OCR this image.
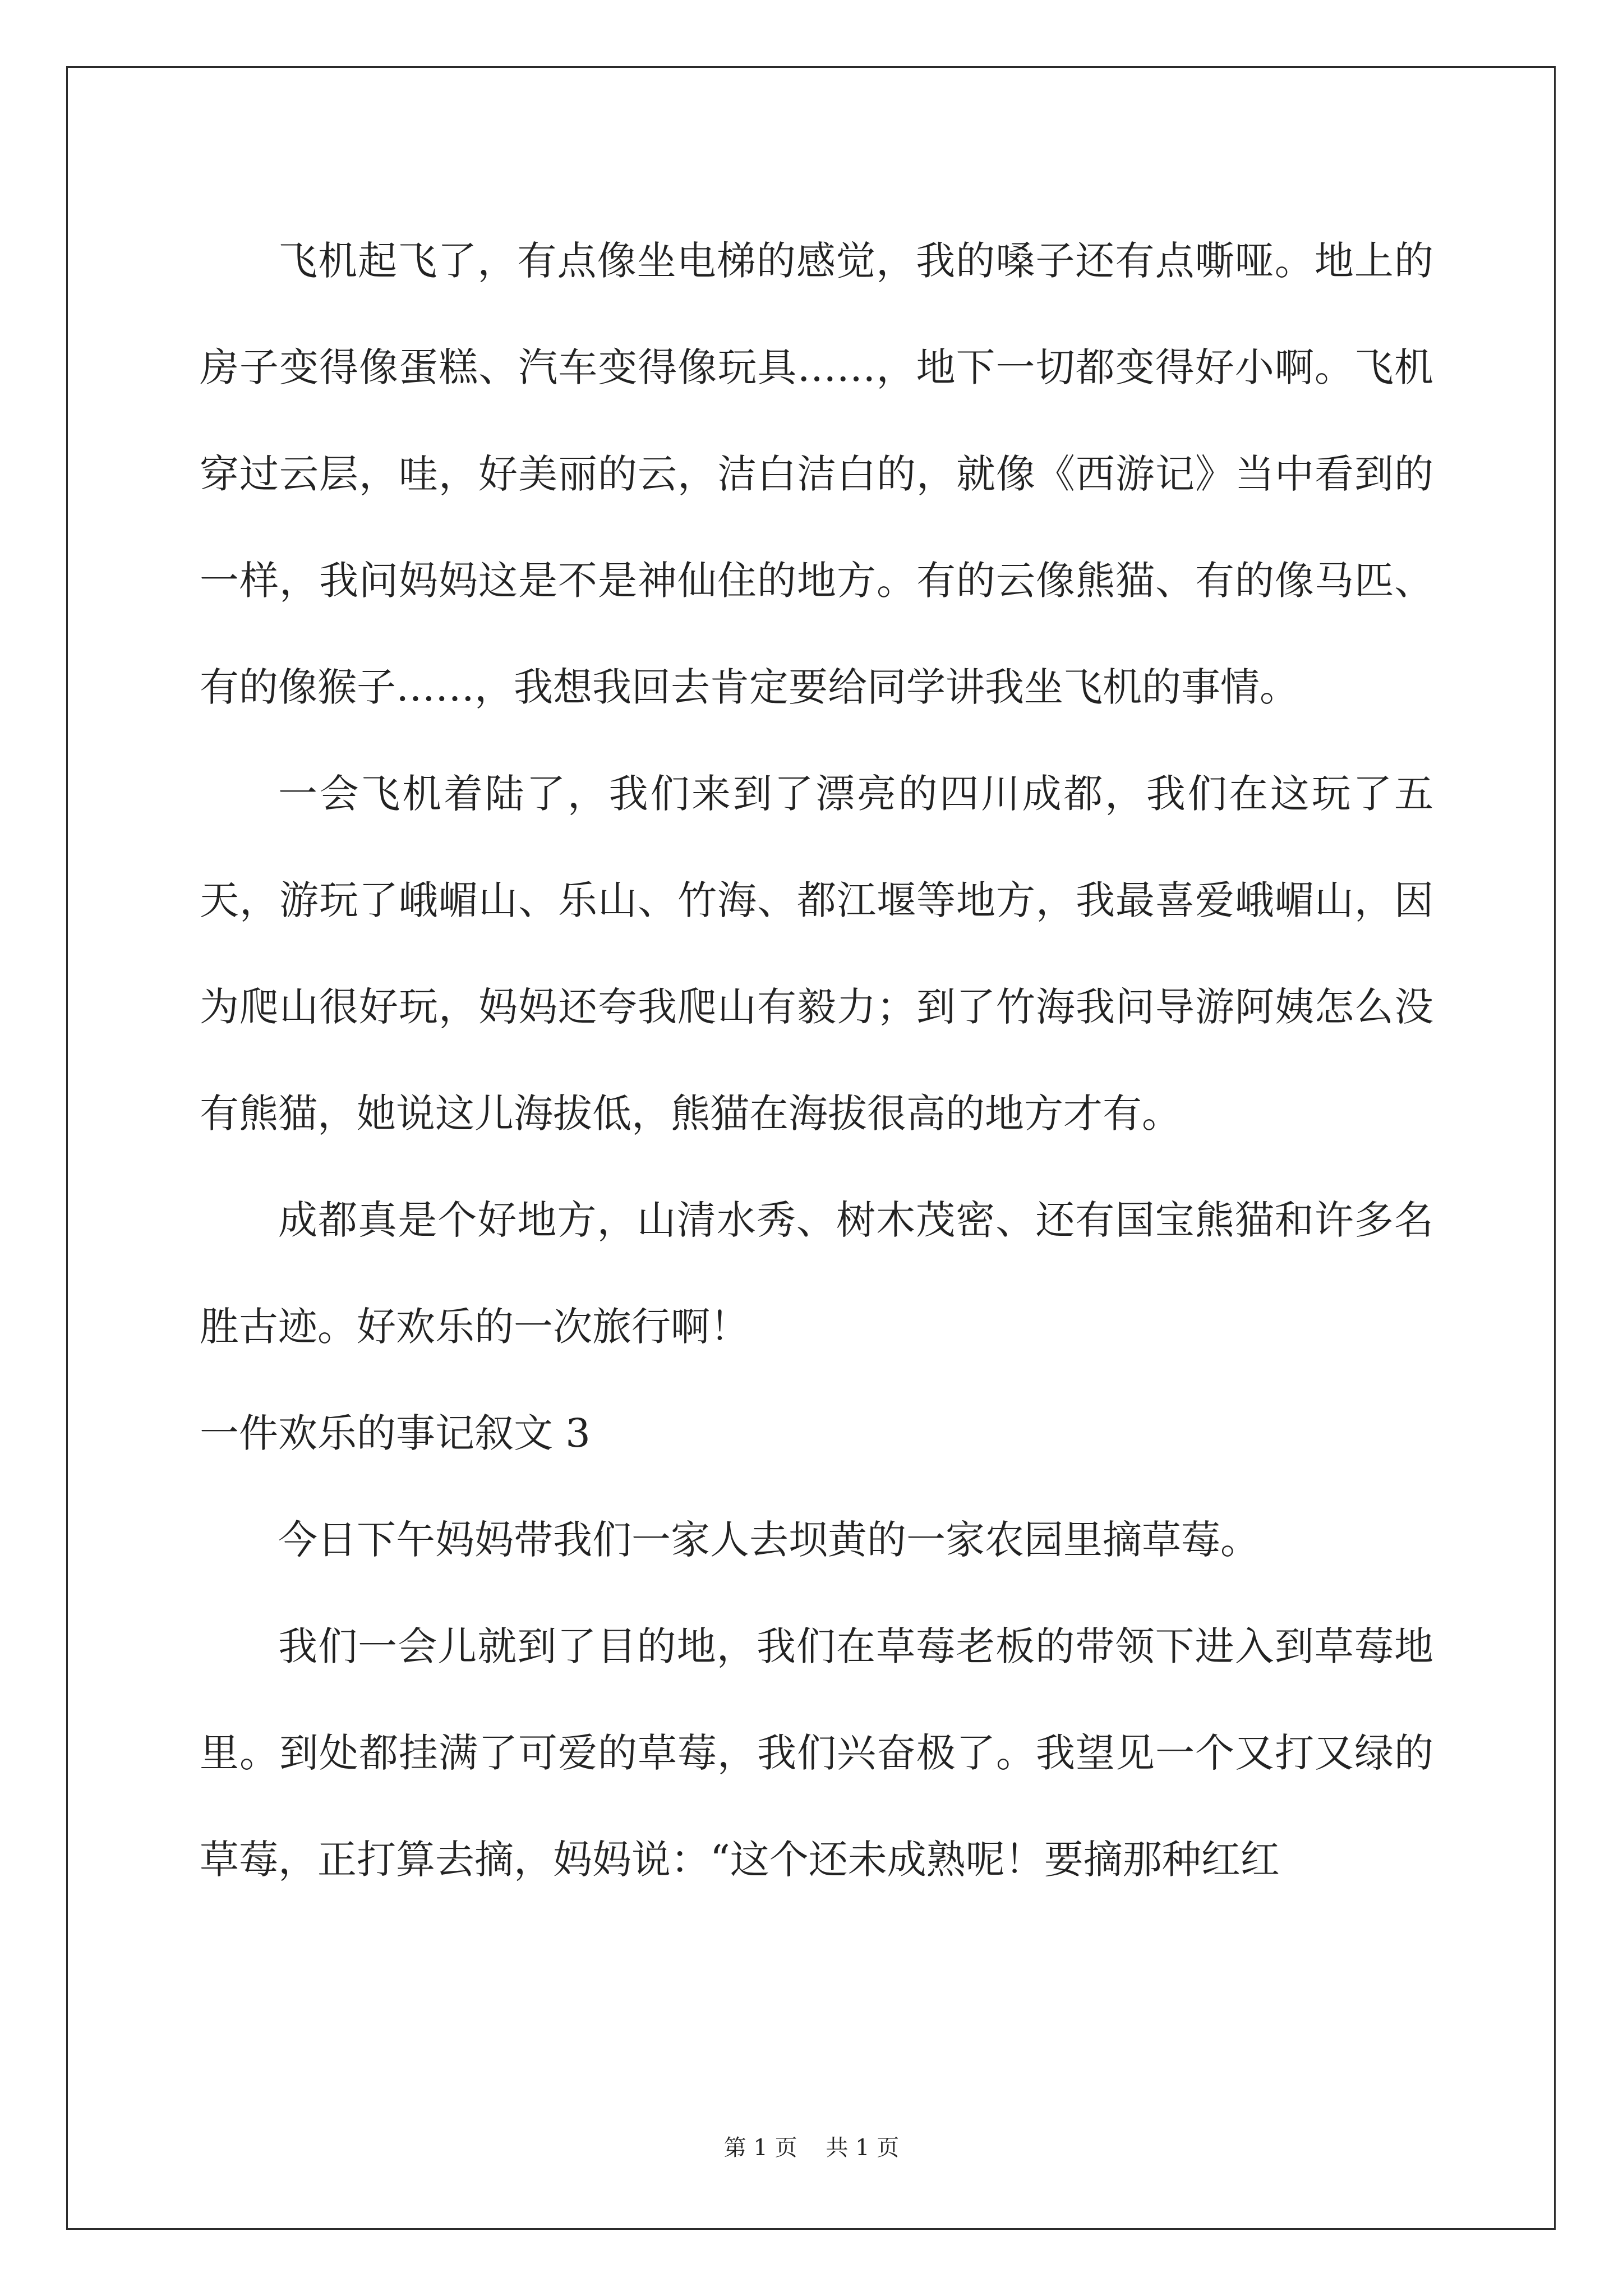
飞机起飞了，有点像坐电梯的感觉，我的嗓子还有点嘶哑。地上的房子变得像蛋糕、汽车变得像玩具……，地下一切都变得好小啊。飞机穿过云层，哇，好美丽的云，洁白洁白的，就像《西游记》当中看到的一样，我问妈妈这是不是神仙住的地方。有的云像熊猫、有的像马匹、有的像猴子……，我想我回去肯定要给同学讲我坐飞机的事情。

一会飞机着陆了，我们来到了漂亮的四川成都，我们在这玩了五天，游玩了峨嵋山、乐山、竹海、都江堰等地方，我最喜爱峨嵋山，因为爬山很好玩，妈妈还夸我爬山有毅力；到了竹海我问导游阿姨怎么没有熊猫，她说这儿海拔低，熊猫在海拔很高的地方才有。

成都真是个好地方，山清水秀、树木茂密、还有国宝熊猫和许多名胜古迹。好欢乐的一次旅行啊！

一件欢乐的事记叙文 3

今日下午妈妈带我们一家人去坝黄的一家农园里摘草莓。

我们一会儿就到了目的地，我们在草莓老板的带领下进入到草莓地里。到处都挂满了可爱的草莓，我们兴奋极了。我望见一个又打又绿的草莓，正打算去摘，妈妈说：“这个还未成熟呢！要摘那种红红

第 1 页    共 1 页
